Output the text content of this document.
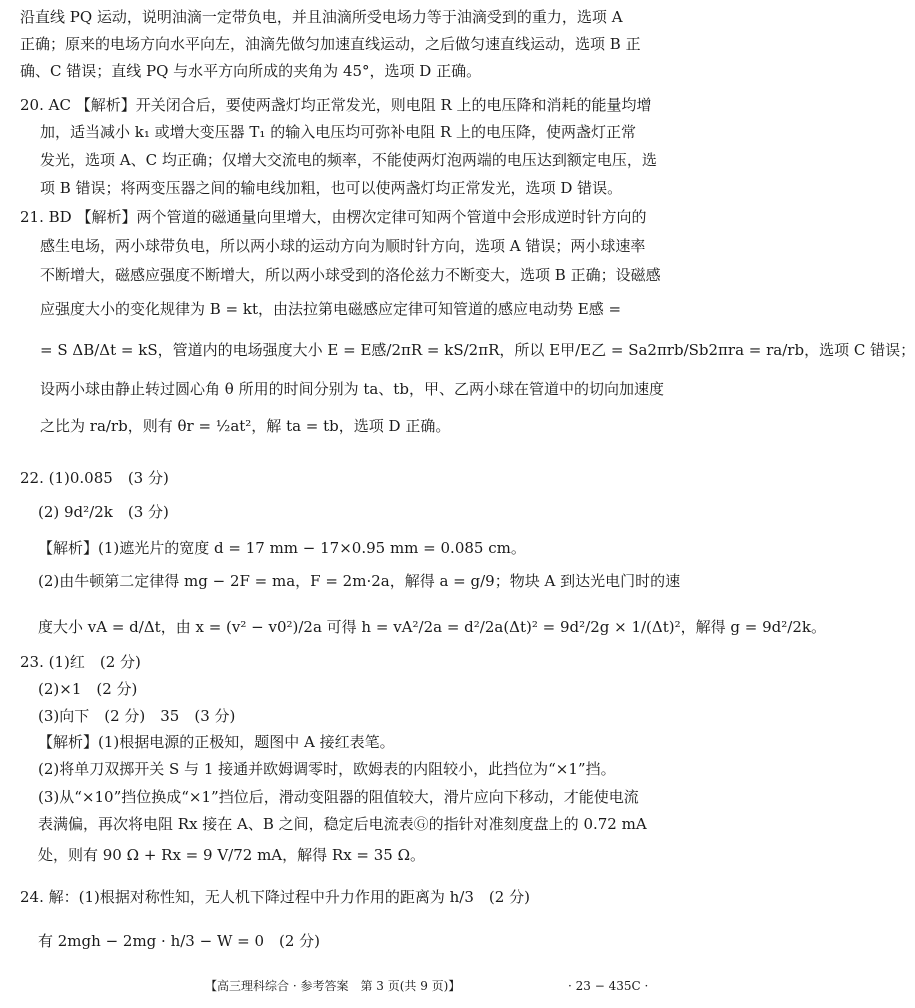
沿直线 PQ 运动，说明油滴一定带负电，并且油滴所受电场力等于油滴受到的重力，选项 A
正确；原来的电场方向水平向左，油滴先做匀加速直线运动，之后做匀速直线运动，选项 B 正
确、C 错误；直线 PQ 与水平方向所成的夹角为 45°，选项 D 正确。
20. AC 【解析】开关闭合后，要使两盏灯均正常发光，则电阻 R 上的电压降和消耗的能量均增
加，适当减小 k₁ 或增大变压器 T₁ 的输入电压均可弥补电阻 R 上的电压降，使两盏灯正常
发光，选项 A、C 均正确；仅增大交流电的频率，不能使两灯泡两端的电压达到额定电压，选
项 B 错误；将两变压器之间的输电线加粗，也可以使两盏灯均正常发光，选项 D 错误。
21. BD 【解析】两个管道的磁通量向里增大，由楞次定律可知两个管道中会形成逆时针方向的
感生电场，两小球带负电，所以两小球的运动方向为顺时针方向，选项 A 错误；两小球速率
不断增大，磁感应强度不断增大，所以两小球受到的洛伦兹力不断变大，选项 B 正确；设磁感
应强度大小的变化规律为 B = kt，由法拉第电磁感应定律可知管道的感应电动势 E感 =
= S ΔB/Δt = kS，管道内的电场强度大小 E = E感/2πR = kS/2πR，所以 E甲/E乙 = Sa2πrb/Sb2πra = ra/rb，选项 C 错误；
设两小球由静止转过圆心角 θ 所用的时间分别为 ta、tb，甲、乙两小球在管道中的切向加速度
之比为 ra/rb，则有 θr = ½at²，解 ta = tb，选项 D 正确。
22. (1)0.085　(3 分)
(2) 9d²/2k　(3 分)
【解析】(1)遮光片的宽度 d = 17 mm − 17×0.95 mm = 0.085 cm。
(2)由牛顿第二定律得 mg − 2F = ma，F = 2m·2a，解得 a = g/9；物块 A 到达光电门时的速
度大小 vA = d/Δt，由 x = (v² − v0²)/2a 可得 h = vA²/2a = d²/2a(Δt)² = 9d²/2g × 1/(Δt)²，解得 g = 9d²/2k。
23. (1)红　(2 分)
(2)×1　(2 分)
(3)向下　(2 分)　35　(3 分)
【解析】(1)根据电源的正极知，题图中 A 接红表笔。
(2)将单刀双掷开关 S 与 1 接通并欧姆调零时，欧姆表的内阻较小，此挡位为“×1”挡。
(3)从“×10”挡位换成“×1”挡位后，滑动变阻器的阻值较大，滑片应向下移动，才能使电流
表满偏，再次将电阻 Rx 接在 A、B 之间，稳定后电流表Ⓖ的指针对准刻度盘上的 0.72 mA
处，则有 90 Ω + Rx = 9 V/72 mA，解得 Rx = 35 Ω。
24. 解：(1)根据对称性知，无人机下降过程中升力作用的距离为 h/3　(2 分)
有 2mgh − 2mg · h/3 − W = 0　(2 分)
【高三理科综合 · 参考答案　第 3 页(共 9 页)】	· 23 − 435C ·
